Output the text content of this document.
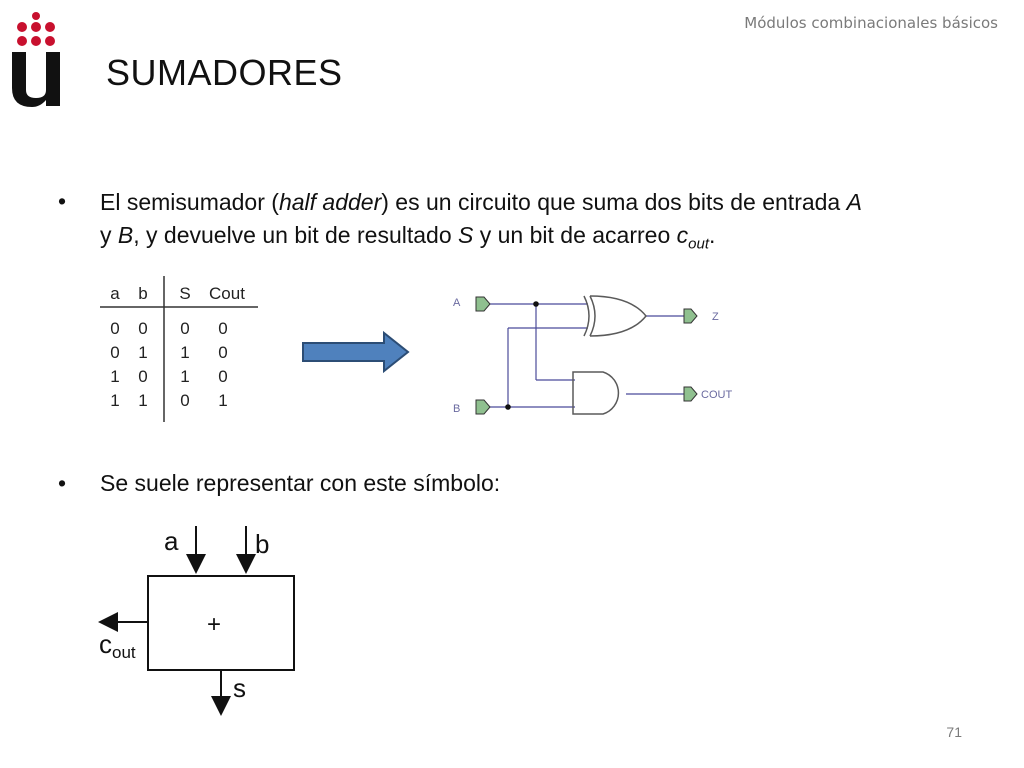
Módulos combinacionales básicos
SUMADORES
• El semisumador (half adder) es un circuito que suma dos bits de entrada A
y B, y devuelve un bit de resultado S y un bit de acarreo $c_{out}$.
a b S Cout
0 0 0 0
0 1 1 0
1 0 1 0
1 1 0 1
A
B
Z
COUT
• Se suele representar con este símbolo:
a	b
+
cout
s
71
